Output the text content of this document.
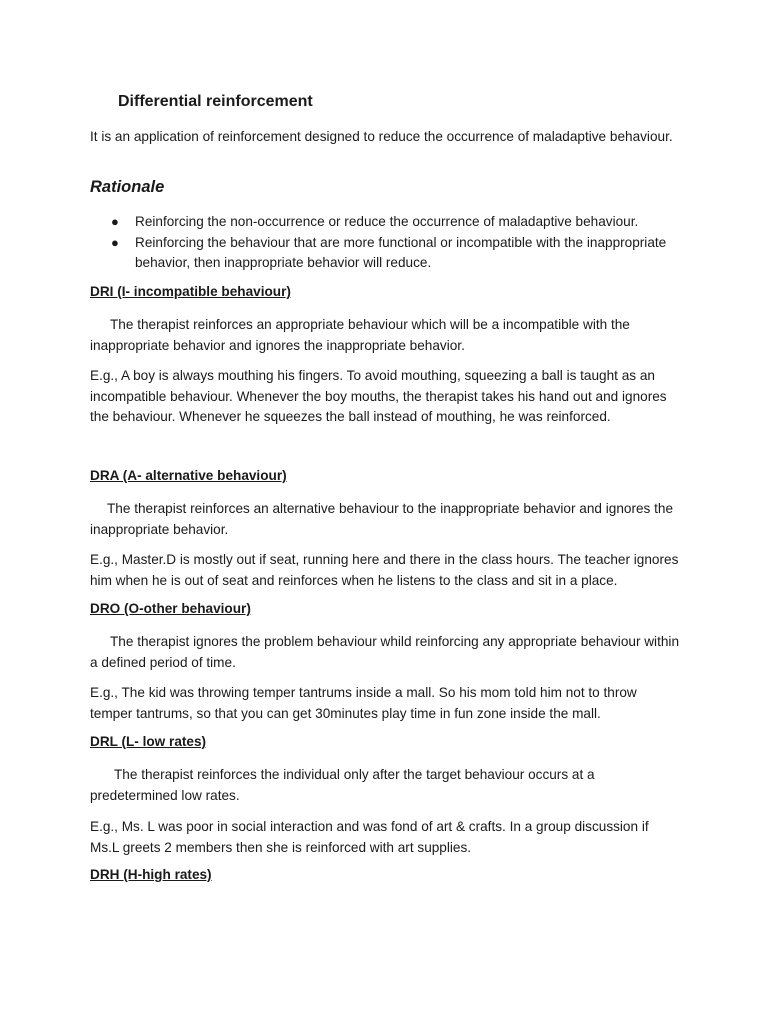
Differential reinforcement

It is an application of reinforcement designed to reduce the occurrence of maladaptive behaviour.

Rationale
● Reinforcing the non-occurrence or reduce the occurrence of maladaptive behaviour.
● Reinforcing the behaviour that are more functional or incompatible with the inappropriate behavior, then inappropriate behavior will reduce.
DRI (I- incompatible behaviour)

The therapist reinforces an appropriate behaviour which will be a incompatible with the inappropriate behavior and ignores the inappropriate behavior.

E.g., A boy is always mouthing his fingers. To avoid mouthing, squeezing a ball is taught as an incompatible behaviour. Whenever the boy mouths, the therapist takes his hand out and ignores the behaviour. Whenever he squeezes the ball instead of mouthing, he was reinforced.

DRA (A- alternative behaviour)

The therapist reinforces an alternative behaviour to the inappropriate behavior and ignores the inappropriate behavior.

E.g., Master.D is mostly out if seat, running here and there in the class hours. The teacher ignores him when he is out of seat and reinforces when he listens to the class and sit in a place.

DRO (O-other behaviour)

The therapist ignores the problem behaviour whild reinforcing any appropriate behaviour within a defined period of time.

E.g., The kid was throwing temper tantrums inside a mall. So his mom told him not to throw temper tantrums, so that you can get 30minutes play time in fun zone inside the mall.

DRL (L- low rates)

The therapist reinforces the individual only after the target behaviour occurs at a predetermined low rates.

E.g., Ms. L was poor in social interaction and was fond of art & crafts. In a group discussion if Ms.L greets 2 members then she is reinforced with art supplies.

DRH (H-high rates)
